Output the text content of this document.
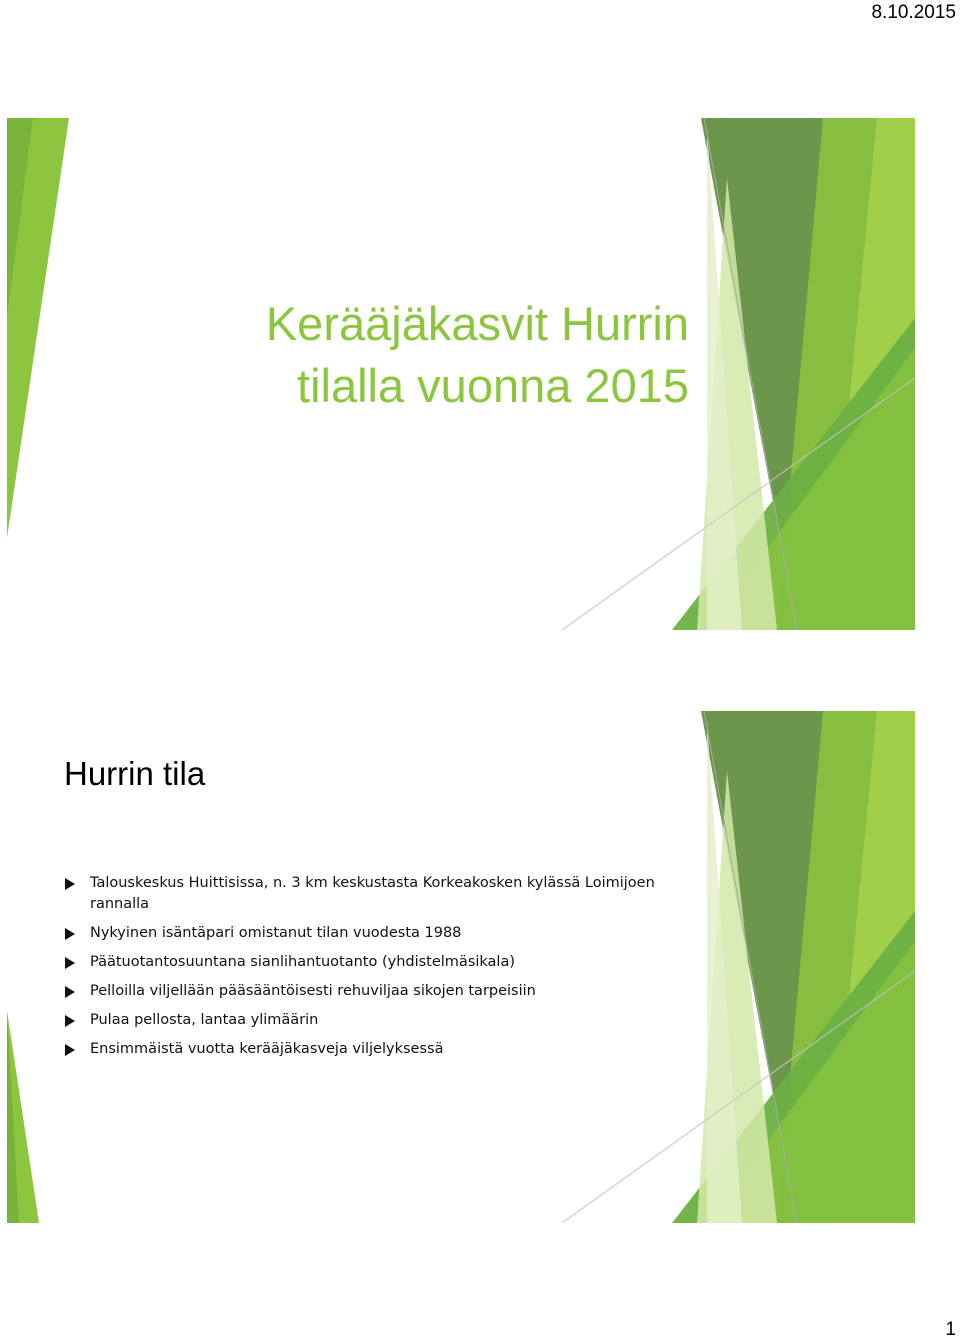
8.10.2015
Kerääjäkasvit Hurrin
tilalla vuonna 2015
Hurrin tila
Talouskeskus Huittisissa, n. 3 km keskustasta Korkeakosken kylässä Loimijoen rannalla
Nykyinen isäntäpari omistanut tilan vuodesta 1988
Päätuotantosuuntana sianlihantuotanto (yhdistelmäsikala)
Pelloilla viljellään pääsääntöisesti rehuviljaa sikojen tarpeisiin
Pulaa pellosta, lantaa ylimäärin
Ensimmäistä vuotta kerääjäkasveja viljelyksessä
1
